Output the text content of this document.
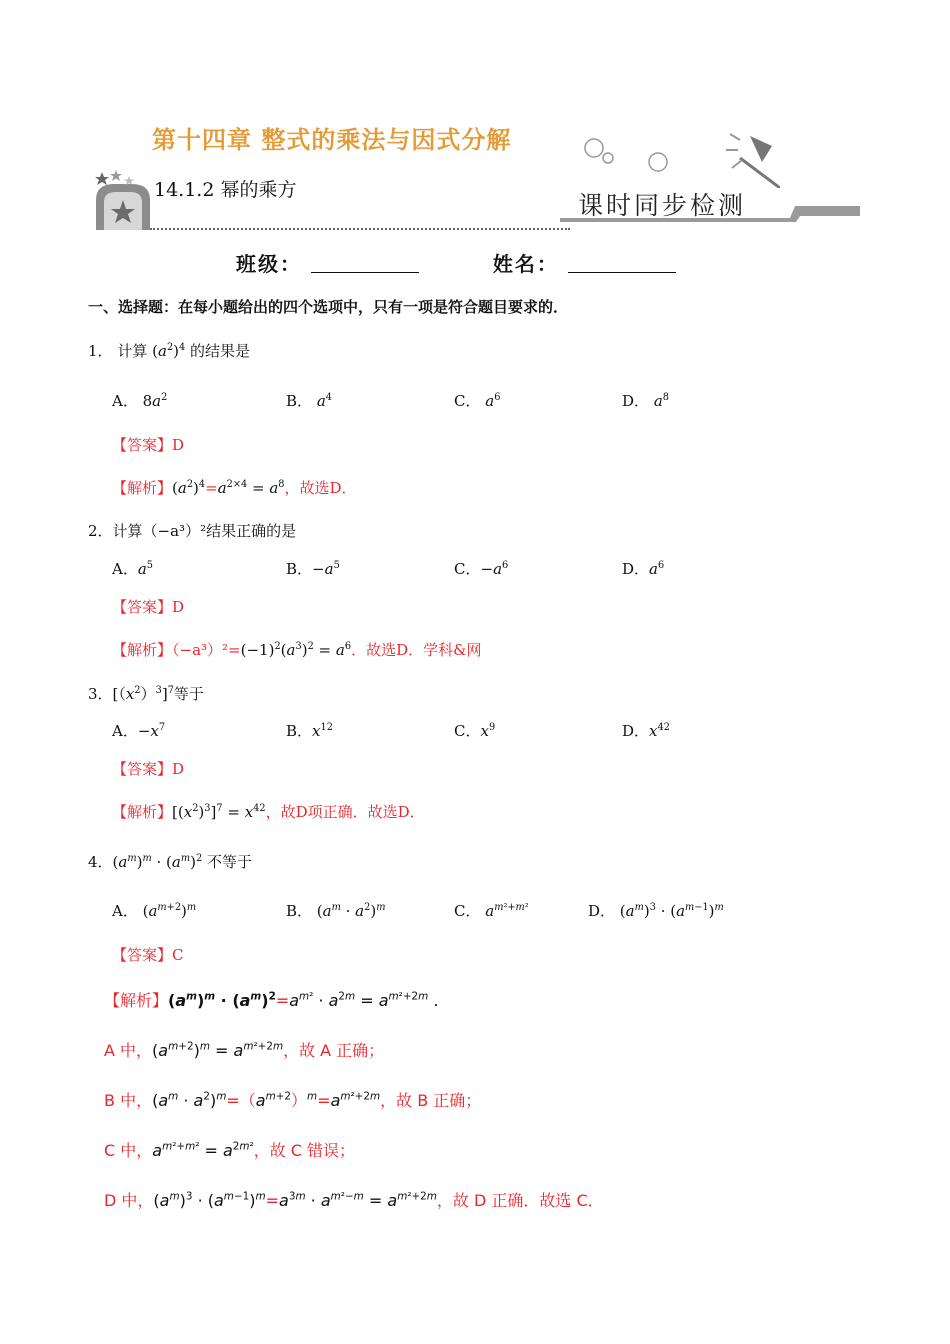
第十四章 整式的乘法与因式分解
14.1.2 幂的乘方
课时同步检测
班级：	姓名：
一、选择题：在每小题给出的四个选项中，只有一项是符合题目要求的．
1． 计算 $(a^2)^4$ 的结果是
A． $8a^2$	B． $a^4$	C． $a^6$	D． $a^8$
【答案】D
【解析】$(a^2)^4=a^{2\times 4} = a^8$，故选D．
2．计算（−a³）²结果正确的是
A．$a^5$	B．$-a^5$	C．$-a^6$	D．$a^6$
【答案】D
【解析】$(-a^3)^2=(-1)^2(a^3)^2 = a^6$．故选D．学科&网
3．$[(x^2)^3]^7$等于
A．$-x^7$	B．$x^{12}$	C．$x^9$	D．$x^{42}$
【答案】D
【解析】$[(x^2)^3]^7 = x^{42}$，故D项正确．故选D．
4．$(a^m)^m \cdot (a^m)^2$ 不等于
A． $(a^{m+2})^m$	B． $(a^m \cdot a^2)^m$	C． $a^{m^2+m^2}$	D． $(a^m)^3 \cdot (a^{m-1})^m$
【答案】C
【解析】$(a^m)^m \cdot (a^m)^2=a^{m^2} \cdot a^{2m} = a^{m^2+2m}$ .
A 中，$(a^{m+2})^m = a^{m^2+2m}$，故 A 正确；
B 中，$(a^m \cdot a^2)^m=(a^{m+2})^m=a^{m^2+2m}$，故 B 正确；
C 中，$a^{m^2+m^2} = a^{2m^2}$，故 C 错误；
D 中，$(a^m)^3 \cdot (a^{m-1})^m=a^{3m} \cdot a^{m^2-m} = a^{m^2+2m}$，故 D 正确．故选 C．
